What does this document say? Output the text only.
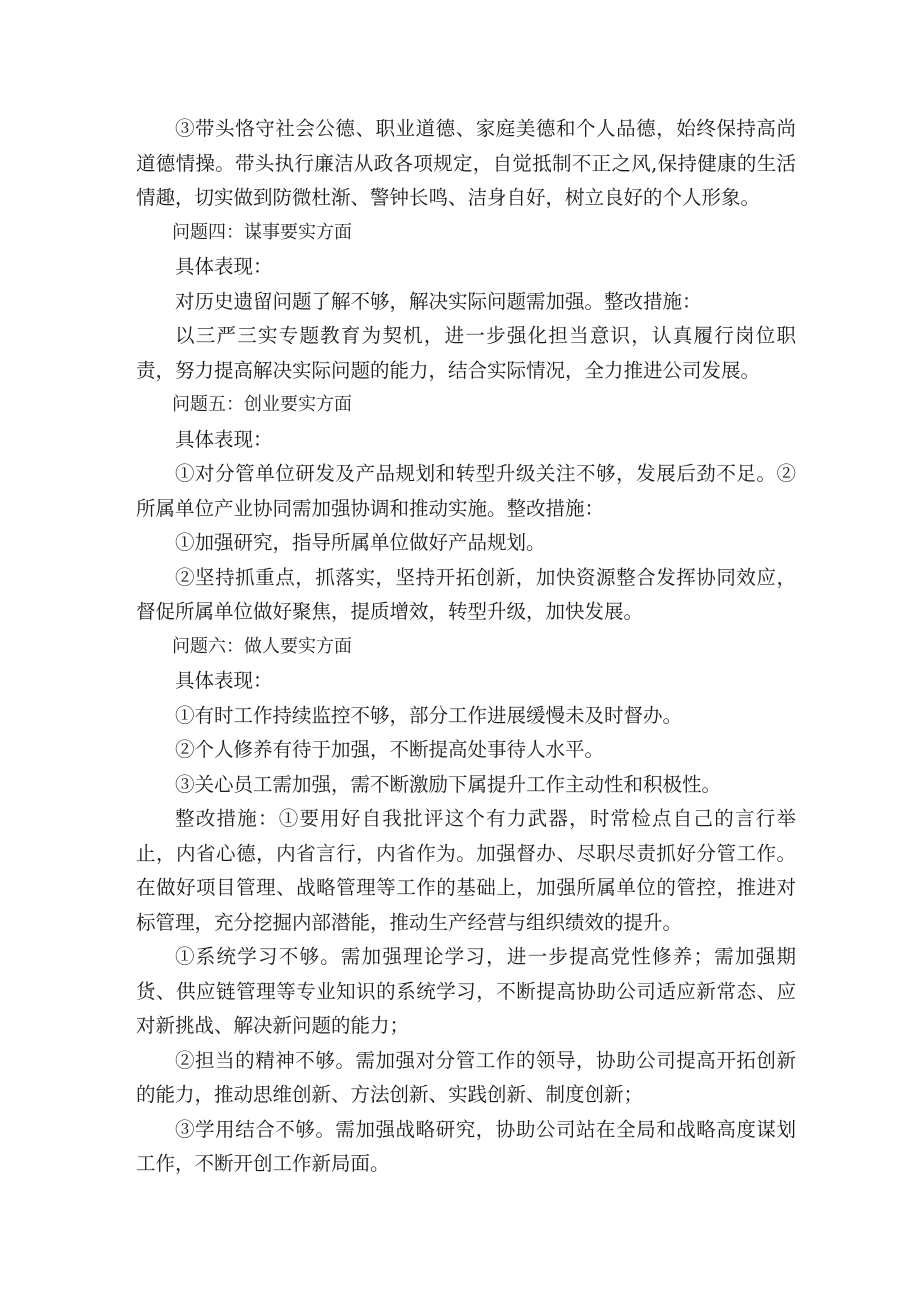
③带头恪守社会公德、职业道德、家庭美德和个人品德，始终保持高尚道德情操。带头执行廉洁从政各项规定，自觉抵制不正之风,保持健康的生活情趣，切实做到防微杜渐、警钟长鸣、洁身自好，树立良好的个人形象。

问题四：谋事要实方面

具体表现：

对历史遗留问题了解不够，解决实际问题需加强。整改措施：

以三严三实专题教育为契机，进一步强化担当意识，认真履行岗位职责，努力提高解决实际问题的能力，结合实际情况，全力推进公司发展。

问题五：创业要实方面

具体表现：

①对分管单位研发及产品规划和转型升级关注不够，发展后劲不足。②所属单位产业协同需加强协调和推动实施。整改措施：

①加强研究，指导所属单位做好产品规划。

②坚持抓重点，抓落实，坚持开拓创新，加快资源整合发挥协同效应，督促所属单位做好聚焦，提质增效，转型升级，加快发展。

问题六：做人要实方面

具体表现：

①有时工作持续监控不够，部分工作进展缓慢未及时督办。

②个人修养有待于加强，不断提高处事待人水平。

③关心员工需加强，需不断激励下属提升工作主动性和积极性。

整改措施：①要用好自我批评这个有力武器，时常检点自己的言行举止，内省心德，内省言行，内省作为。加强督办、尽职尽责抓好分管工作。在做好项目管理、战略管理等工作的基础上，加强所属单位的管控，推进对标管理，充分挖掘内部潜能，推动生产经营与组织绩效的提升。

①系统学习不够。需加强理论学习，进一步提高党性修养；需加强期货、供应链管理等专业知识的系统学习，不断提高协助公司适应新常态、应对新挑战、解决新问题的能力；

②担当的精神不够。需加强对分管工作的领导，协助公司提高开拓创新的能力，推动思维创新、方法创新、实践创新、制度创新；

③学用结合不够。需加强战略研究，协助公司站在全局和战略高度谋划工作，不断开创工作新局面。
